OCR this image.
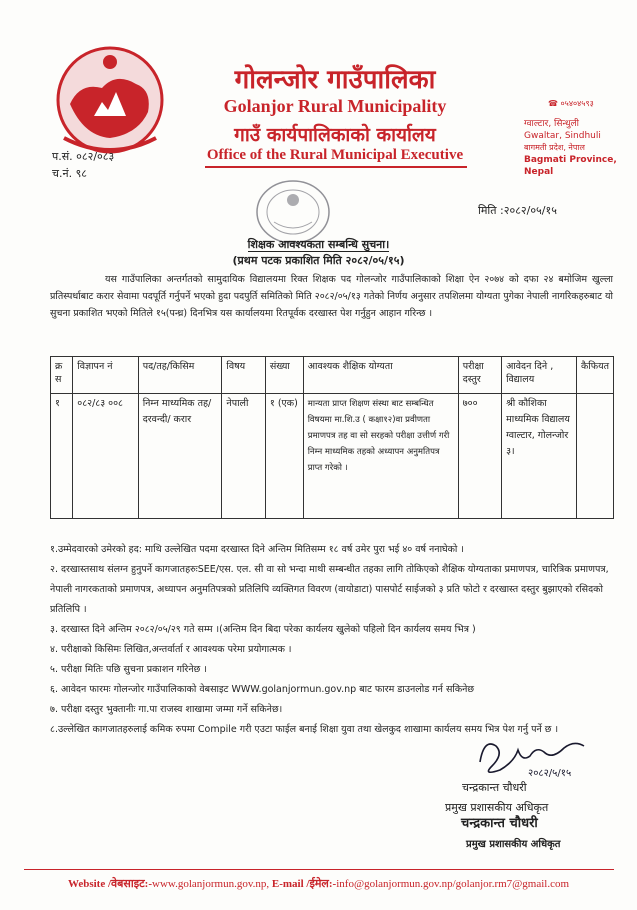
गोलन्जोर गाउँपालिका
Golanjor Rural Municipality
गाउँ कार्यपालिकाको कार्यालय
Office of the Rural Municipal Executive
☎ ०५४०४५९३
ग्वाल्टार, सिन्धुली
Gwaltar, Sindhuli
बागमती प्रदेश, नेपाल
Bagmati Province, Nepal
प.सं. ०८२/०८३
च.नं. ९८
मिति :२०८२/०५/१५
शिक्षक आवश्यकता सम्बन्धि सुचना।
(प्रथम पटक प्रकाशित मिति २०८२/०५/१५)
यस गाउँपालिका अन्तर्गतको सामुदायिक विद्यालयमा रिक्त शिक्षक पद गोलन्जोर गाउँपालिकाको शिक्षा ऐन २०७४ को दफा २४ बमोजिम खुल्ला प्रतिस्पर्धाबाट करार सेवामा पदपूर्ति गर्नुपर्ने भएको हुदा पदपुर्ति समितिको मिति २०८२/०५/१३ गतेको निर्णय अनुसार तपशिलमा योग्यता पुगेका नेपाली नागरिकहरुबाट यो सुचना प्रकाशित भएको मितिले १५(पन्ध्र) दिनभित्र यस कार्यालयमा रितपूर्वक दरखास्त पेश गर्नुहुन आहान गरिन्छ ।
क्र स	विज्ञापन नं	पद/तह/किसिम	विषय	संख्या	आवश्यक शैक्षिक योग्यता	परीक्षा दस्तुर	आवेदन दिने , विद्यालय	कैफियत
१	०८२/८३ ००८	निम्न माध्यमिक तह/ दरवन्दी/ करार	नेपाली	१ (एक)	मान्यता प्राप्त शिक्षण संस्था बाट सम्बन्धित विषयमा मा.शि.उ ( कक्षा१२)वा प्रवीणता प्रमाणपत्र तह वा सो सरहको परीक्षा उत्तीर्ण गरी निम्न माध्यमिक तहको अध्यापन अनुमतिपत्र प्राप्त गरेको ।	७००	श्री कौशिका माध्यमिक विद्यालय ग्वाल्टार, गोलन्जोर ३।	

१.उम्मेदवारको उमेरको हद: माथि उल्लेखित पदमा दरखास्त दिने अन्तिम मितिसम्म १८ वर्ष उमेर पुरा भई ४० वर्ष ननाघेको ।

२. दरखास्तसाथ संलग्न हुनुपर्ने कागजातहरुःSEE/एस. एल. सी वा सो भन्दा माथी सम्बन्धीत तहका लागि तोकिएको शैक्षिक योग्यताका प्रमाणपत्र, चारित्रिक प्रमाणपत्र, नेपाली नागरकताको प्रमाणपत्र, अध्यापन अनुमतिपत्रको प्रतिलिपि व्यक्तिगत विवरण (वायोडाटा) पासपोर्ट साईजको ३ प्रति फोटो र दरखास्त दस्तुर बुझाएको रसिदको प्रतिलिपि ।

३. दरखास्त दिने अन्तिम २०८२/०५/२९ गते सम्म ।(अन्तिम दिन बिदा परेका कार्यलय खुलेको पहिलो दिन कार्यलय समय भित्र )

४. परीक्षाको किसिमः लिखित,अन्तर्वार्ता र आवश्यक परेमा प्रयोगात्मक ।

५. परीक्षा मितिः पछि सुचना प्रकाशन गरिनेछ ।

६. आवेदन फारमः गोलन्जोर गाउँपालिकाको वेबसाइट WWW.golanjormun.gov.np बाट फारम डाउनलोड गर्न सकिनेछ

७. परीक्षा दस्तुर भुक्तानीः गा.पा राजस्व शाखामा जम्मा गर्ने सकिनेछ।

८.उल्लेखित कागजातहरुलाई कमिक रुपमा Compile गरी एउटा फाईल बनाई शिक्षा युवा तथा खेलकुद शाखामा कार्यलय समय भित्र पेश गर्नु पर्ने छ ।

२०८२/५/१५
चन्द्रकान्त चौधरी
प्रमुख प्रशासकीय अधिकृत
चन्द्रकान्त चौधरी
प्रमुख प्रशासकीय अधिकृत
Website /वेबसाइट:-www.golanjormun.gov.np, E-mail /ईमेल:-info@golanjormun.gov.np/golanjor.rm7@gmail.com
